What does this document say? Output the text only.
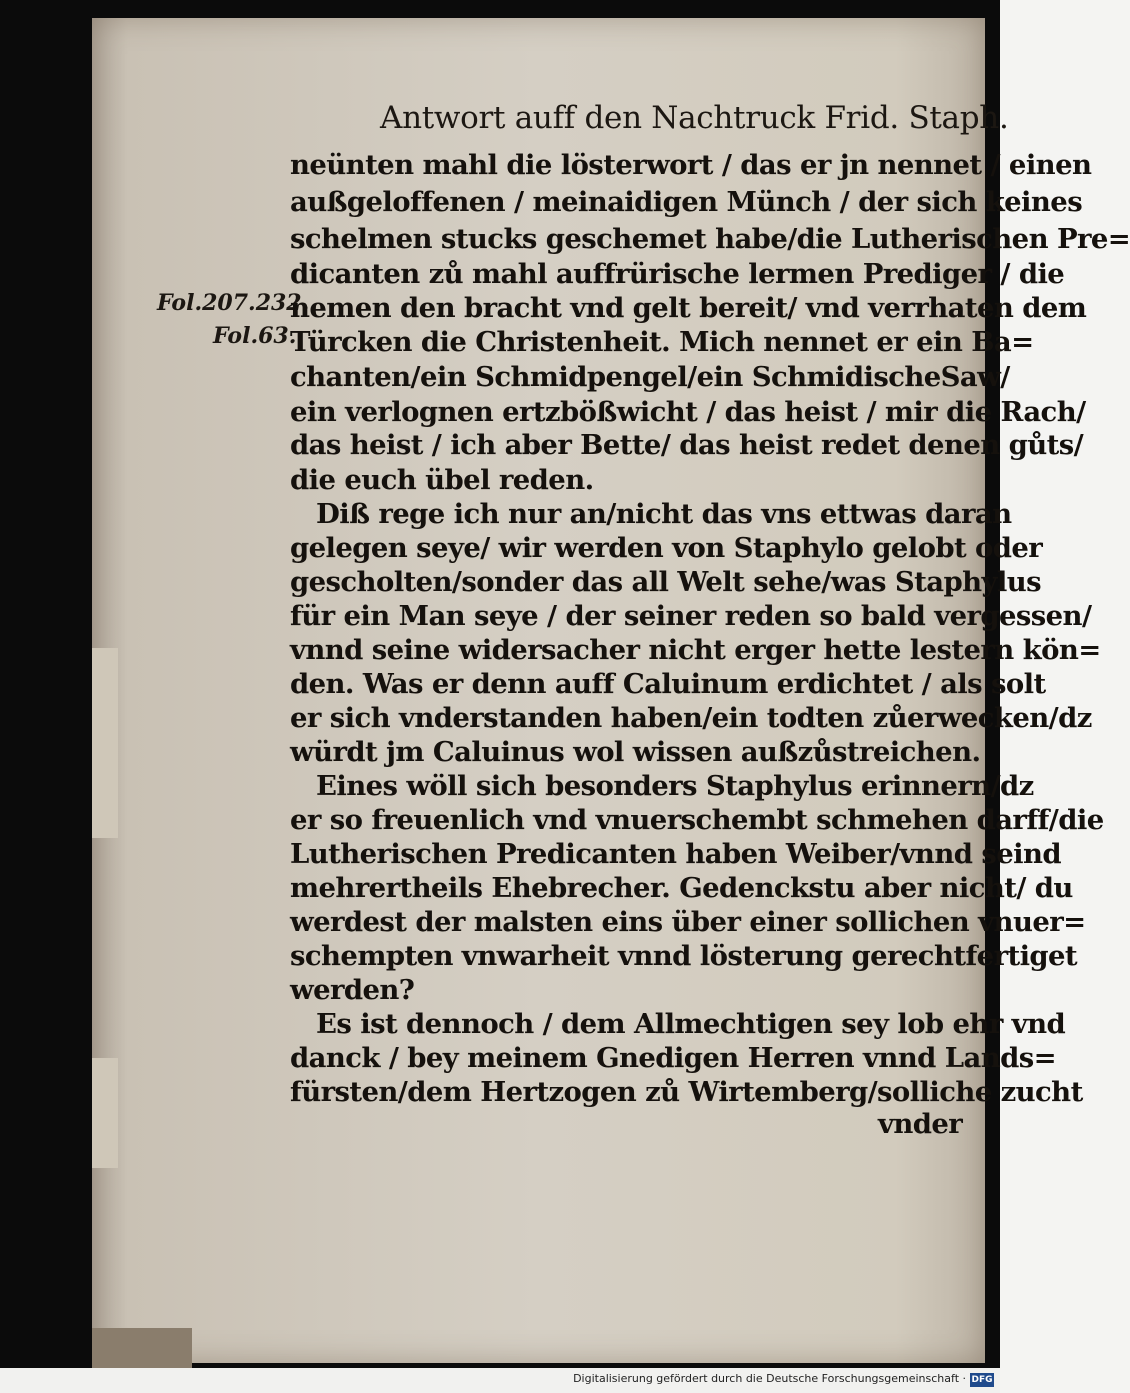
Antwort auff den Nachtruck Frid. Staph.
Fol.207.232.
Fol.63.
neünten mahl die lösterwort / das er jn nennet / einen
außgeloffenen / meinaidigen Münch / der sich keines
schelmen stucks geschemet habe/die Lutherischen Pre=
dicanten zů mahl auffrürische lermen Prediger / die
nemen den bracht vnd gelt bereit/ vnd verrhaten dem
Türcken die Christenheit. Mich nennet er ein Ba=
chanten/ein Schmidpengel/ein SchmidischeSaw/
ein verlognen ertzbößwicht / das heist / mir die Rach/
das heist / ich aber Bette/ das heist redet denen gůts/
die euch übel reden.
Diß rege ich nur an/nicht das vns ettwas daran
gelegen seye/ wir werden von Staphylo gelobt oder
gescholten/sonder das all Welt sehe/was Staphylus
für ein Man seye / der seiner reden so bald vergessen/
vnnd seine widersacher nicht erger hette lestern kön=
den. Was er denn auff Caluinum erdichtet / als solt
er sich vnderstanden haben/ein todten zůerwecken/dz
würdt jm Caluinus wol wissen außzůstreichen.
Eines wöll sich besonders Staphylus erinnern/dz
er so freuenlich vnd vnuerschembt schmehen darff/die
Lutherischen Predicanten haben Weiber/vnnd seind
mehrertheils Ehebrecher. Gedenckstu aber nicht/ du
werdest der malsten eins über einer sollichen vnuer=
schempten vnwarheit vnnd lösterung gerechtfertiget
werden?
Es ist dennoch / dem Allmechtigen sey lob ehr vnd
danck / bey meinem Gnedigen Herren vnnd Lands=
fürsten/dem Hertzogen zů Wirtemberg/solliche zucht
vnder
Digitalisierung gefördert durch die Deutsche Forschungsgemeinschaft · DFG
